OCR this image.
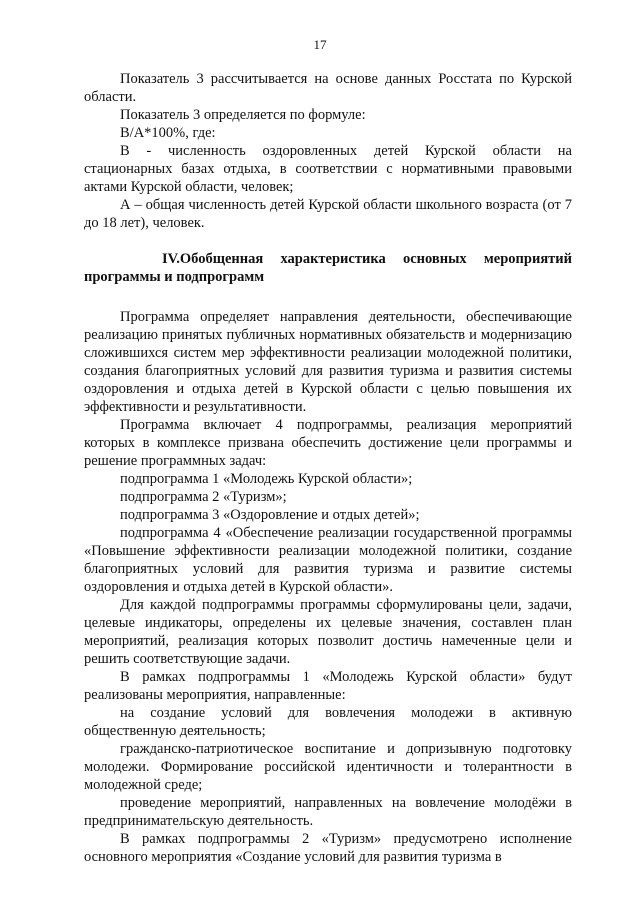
17

Показатель 3 рассчитывается на основе данных Росстата по Курской области.

Показатель 3 определяется по формуле:

В/А*100%, где:

В - численность оздоровленных детей Курской области на стационарных базах отдыха, в соответствии с нормативными правовыми актами Курской области, человек;

А – общая численность детей Курской области школьного возраста (от 7 до 18 лет), человек.

IV.Обобщенная характеристика основных мероприятий программы и подпрограмм

Программа определяет направления деятельности, обеспечивающие реализацию принятых публичных нормативных обязательств и модернизацию сложившихся систем мер эффективности реализации молодежной политики, создания благоприятных условий для развития туризма и развития системы оздоровления и отдыха детей в Курской области с целью повышения их эффективности и результативности.

Программа включает 4 подпрограммы, реализация мероприятий которых в комплексе призвана обеспечить достижение цели программы и решение программных задач:

подпрограмма 1 «Молодежь Курской области»;

подпрограмма 2 «Туризм»;

подпрограмма 3 «Оздоровление и отдых детей»;

подпрограмма 4 «Обеспечение реализации государственной программы «Повышение эффективности реализации молодежной политики, создание благоприятных условий для развития туризма и развитие системы оздоровления и отдыха детей в Курской области».

Для каждой подпрограммы программы сформулированы цели, задачи, целевые индикаторы, определены их целевые значения, составлен план мероприятий, реализация которых позволит достичь намеченные цели и решить соответствующие задачи.

В рамках подпрограммы 1 «Молодежь Курской области» будут реализованы мероприятия, направленные:

на создание условий для вовлечения молодежи в активную общественную деятельность;

гражданско-патриотическое воспитание и допризывную подготовку молодежи. Формирование российской идентичности и толерантности в молодежной среде;

проведение мероприятий, направленных на вовлечение молодёжи в предпринимательскую деятельность.

В рамках подпрограммы 2 «Туризм» предусмотрено исполнение основного мероприятия «Создание условий для развития туризма в
